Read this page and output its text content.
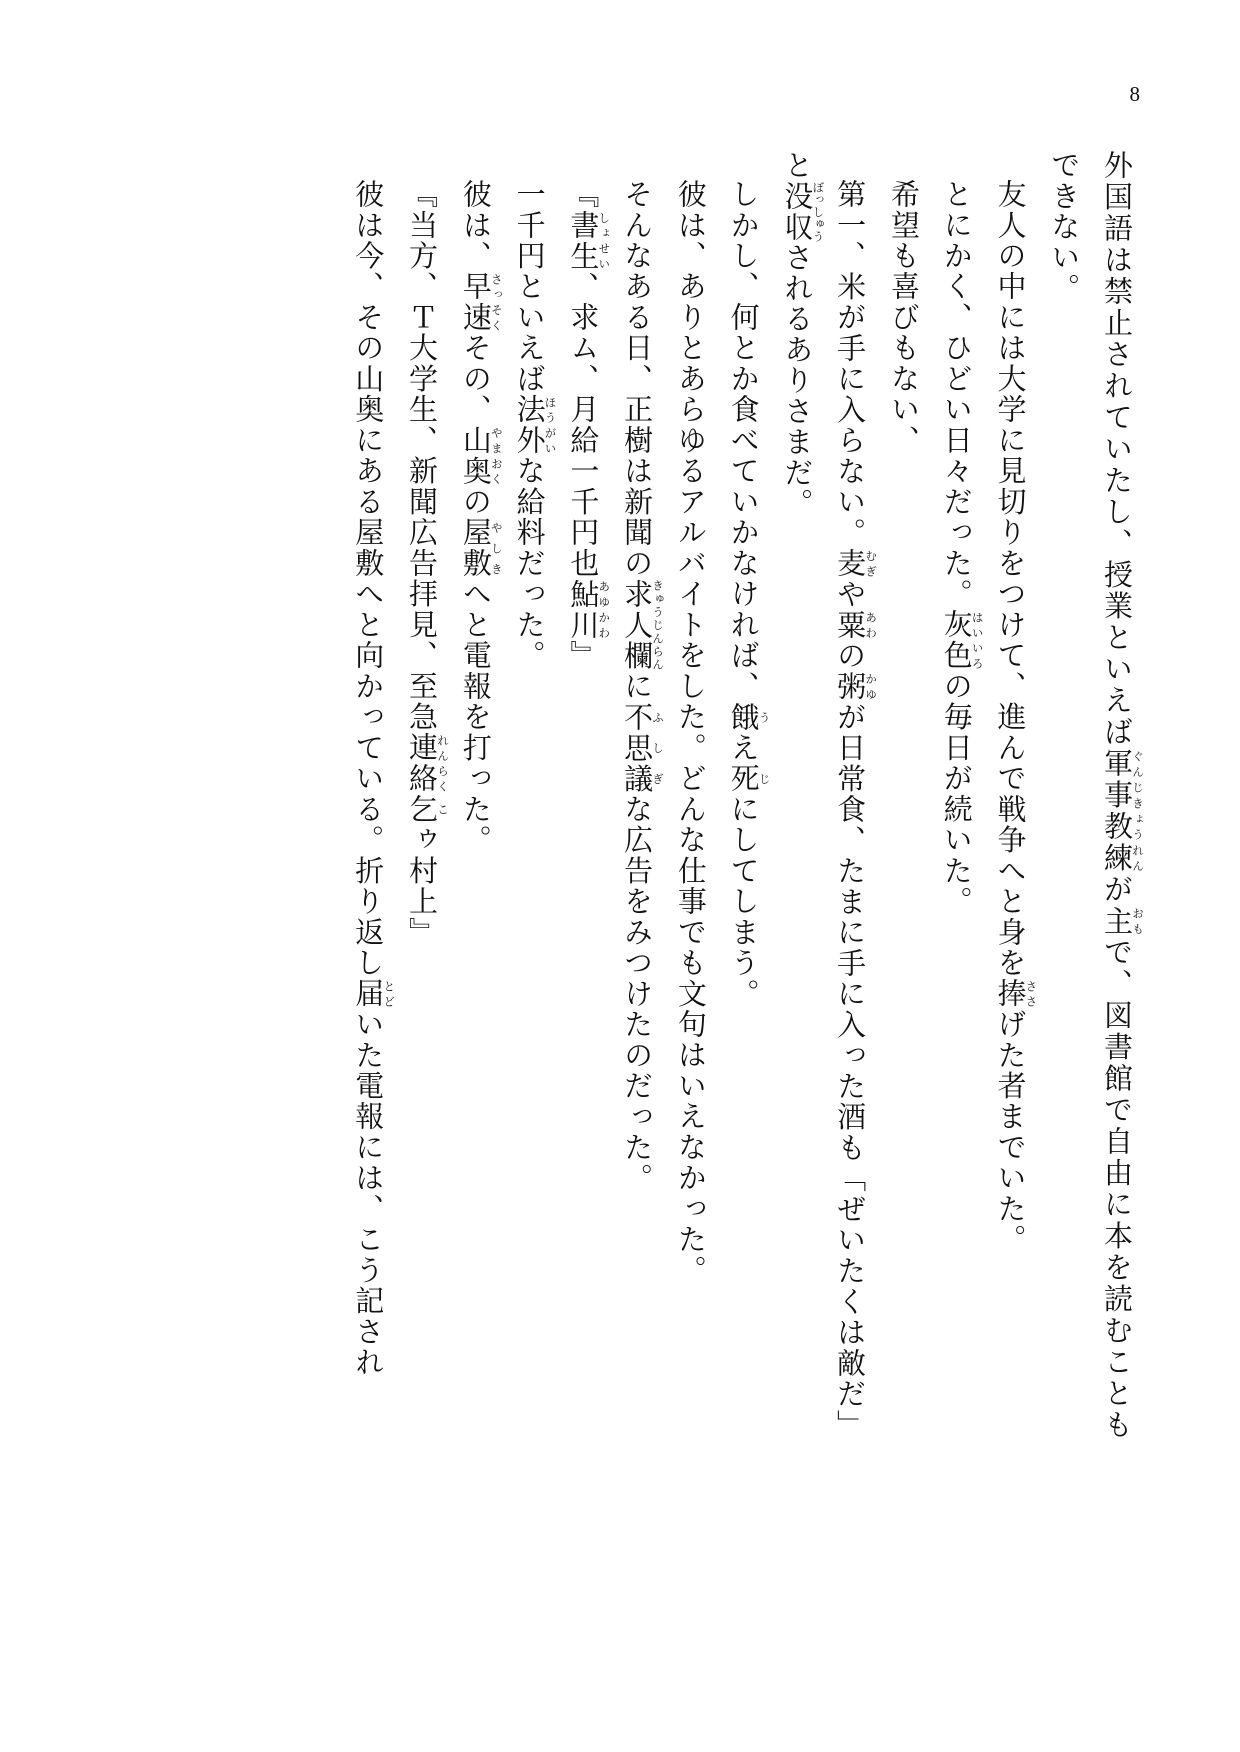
8

外国語は禁止されていたし、授業といえば軍事教練ぐんじきょうれんが主おもで、図書館で自由に本を読むこともできない。

友人の中には大学に見切りをつけて、進んで戦争へと身を捧ささげた者までいた。

とにかく、ひどい日々だった。灰色はいいろの毎日が続いた。

希望も喜びもない、

第一、米が手に入らない。麦むぎや粟あわの粥かゆが日常食、たまに手に入った酒も「ぜいたくは敵だ」と没収ぼっしゅうされるありさまだ。

しかし、何とか食べていかなければ、餓うえ死じにしてしまう。

彼は、ありとあらゆるアルバイトをした。どんな仕事でも文句はいえなかった。

そんなある日、正樹は新聞の求人欄きゅうじんらんに不思議ふしぎな広告をみつけたのだった。

『書生しょせい、求ム、月給一千円也鮎川あゆかわ』

一千円といえば法外ほうがいな給料だった。

彼は、早速さっそくその、山奥やまおくの屋敷やしきへと電報を打った。

『当方、Ｔ大学生、新聞広告拝見、至急連絡れんらく乞こゥ村上』

彼は今、その山奥にある屋敷へと向かっている。折り返し届とどいた電報には、こう記され
